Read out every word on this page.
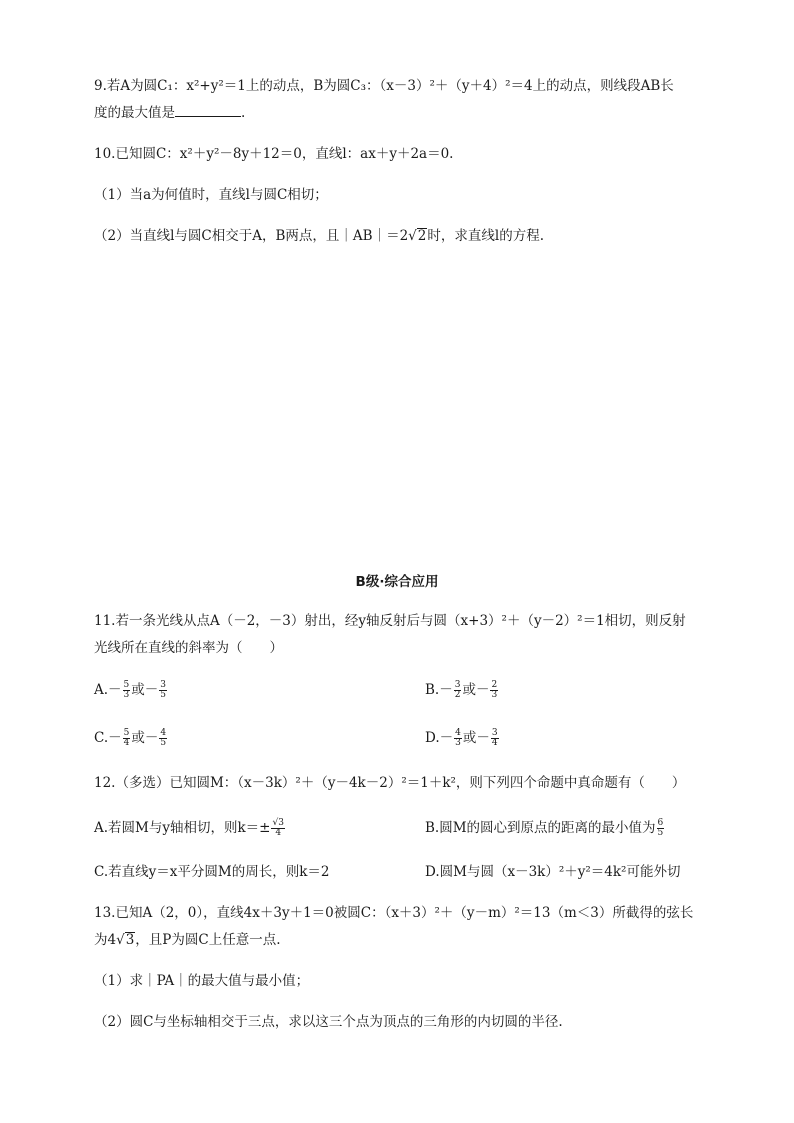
9.若A为圆C₁：x²+y²＝1上的动点，B为圆C₃：（x－3）²＋（y＋4）²＝4上的动点，则线段AB长
度的最大值是	.
10.已知圆C：x²＋y²－8y＋12＝0，直线l：ax＋y＋2a＝0.
（1）当a为何值时，直线l与圆C相切；
（2）当直线l与圆C相交于A，B两点，且｜AB｜＝2√2时，求直线l的方程.
B级·综合应用
11.若一条光线从点A（－2，－3）射出，经y轴反射后与圆（x+3）²＋（y－2）²＝1相切，则反射
光线所在直线的斜率为（　　）
$A.- \frac{5}{3}$ 或－ $\frac{3}{5}$	$B.- \frac{3}{2}$ 或－ $\frac{2}{3}$
$C.- \frac{5}{4}$ 或－ $\frac{4}{5}$	$D.- \frac{4}{3}$ 或－ $\frac{3}{4}$
12.（多选）已知圆M：（x－3k）²＋（y－4k－2）²＝1＋k²，则下列四个命题中真命题有（　　）
A.若圆M与y轴相切，则$k=\pm \frac{√3}{4}$	B.圆M的圆心到原点的距离的最小值为 $\frac{6}{5}$
C.若直线y＝x平分圆M的周长，则k＝2	D.圆M与圆（x－3k）²＋y²＝4k²可能外切
13.已知A（2，0），直线4x＋3y＋1＝0被圆C：（x＋3）²＋（y－m）²＝13（m＜3）所截得的弦长
为4√3，且P为圆C上任意一点.
（1）求｜PA｜的最大值与最小值；
（2）圆C与坐标轴相交于三点，求以这三个点为顶点的三角形的内切圆的半径.
